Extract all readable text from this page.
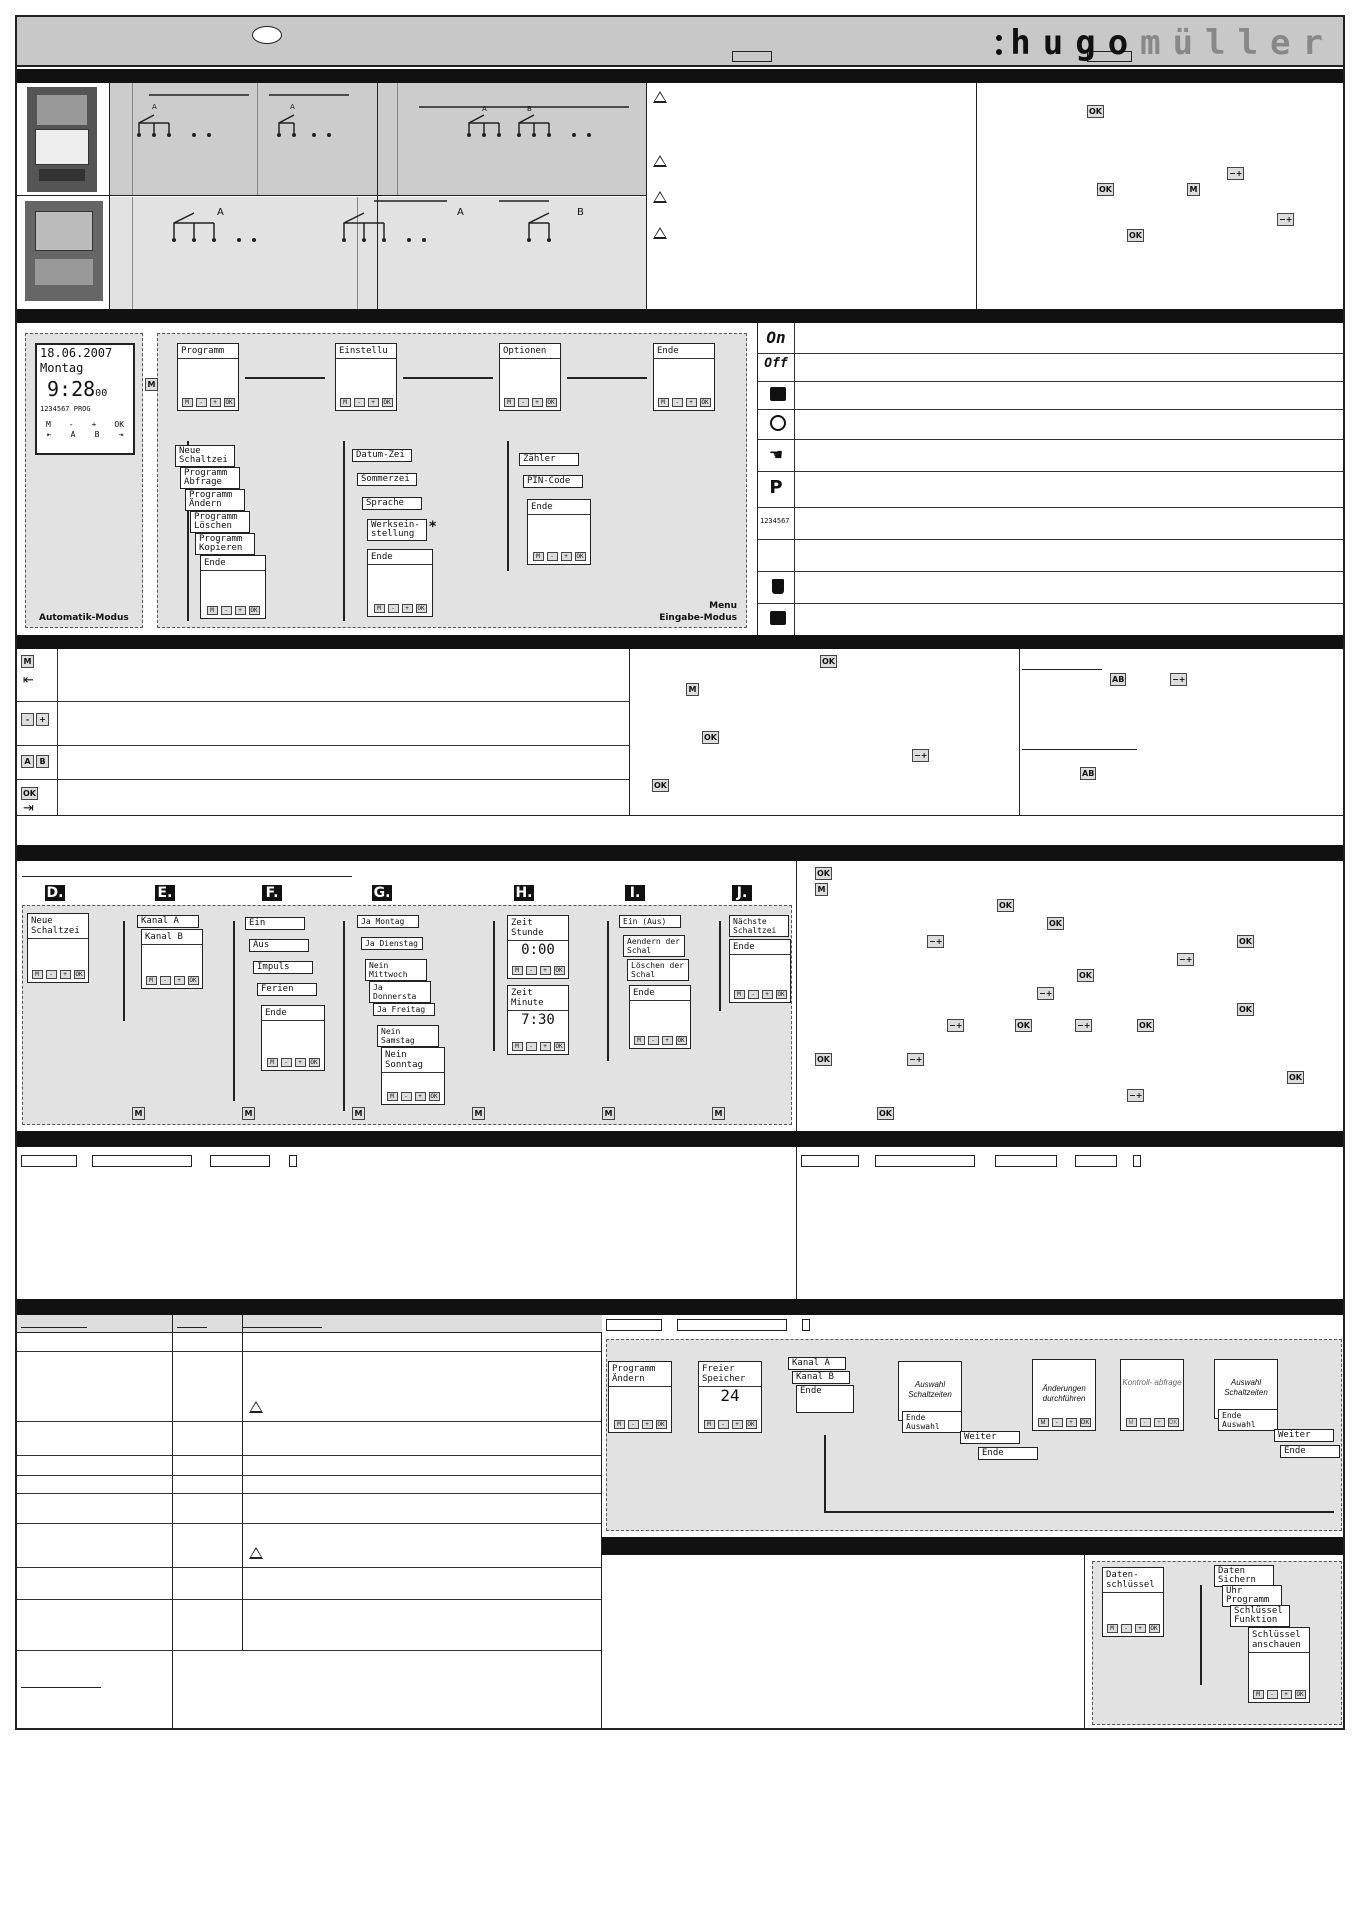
hugomüller
A	A	A	B
A	A	B
OK
−+
OK	M
−+
OK
18.06.2007
Montag
9:2800
1234567 PROG
M - + OK
⇤ A B ⇥
M
Automatik-Modus
Menu
Eingabe-Modus
Programm
M	-	+	OK
Einstellu
M	-	+	OK
Optionen
M	-	+	OK
Ende
M	-	+	OK
Neue Schaltzei
Programm Abfrage
Programm Ändern
Programm Löschen
Programm Kopieren
Ende
M	-	+	OK
Datum-Zei
Sommerzei
Sprache
Werksein- stellung	*
Ende
M	-	+	OK
Zähler
PIN-Code
Ende
M	-	+	OK
On
Off
☚
P
1234567
M
⇤
-	+
A	B
OK
⇥
OK
M
OK
−+
OK
AB	−+
AB
D.	E.	F.	G.	H.	I.	J.
Neue Schaltzei
M	-	+	OK
Kanal A
Kanal B
M	-	+	OK
Ein
Aus
Impuls
Ferien
Ende
M	-	+	OK
Ja Montag
Ja Dienstag
Nein Mittwoch
Ja Donnersta
Ja Freitag
Nein Samstag
Nein Sonntag
M	-	+	OK
Zeit Stunde
0:00
M	-	+	OK
Zeit Minute
7:30
M	-	+	OK
Ein (Aus)
Aendern der Schal
Löschen der Schal
Ende
M	-	+	OK
Nächste Schaltzei
Ende
M	-	+	OK
M	M	M	M	M	M
OK
M
OK
OK
−+	OK
−+
OK
−+
OK
−+	OK	−+	OK
OK	−+
OK
−+
OK
Programm Ändern
M	-	+	OK
Freier Speicher
24
M	-	+	OK
Kanal A
Kanal B
Ende
Auswahl Schaltzeiten
Ende Auswahl
Weiter
Ende
Änderungen durchführen
M	-	+	OK
Kontroll- abfrage
M	-	+	OK
Auswahl Schaltzeiten
Ende Auswahl
Weiter
Ende
Daten- schlüssel
M	-	+	OK
Daten Sichern
Uhr Programm
Schlüssel Funktion
Schlüssel anschauen
M	-	+	OK
